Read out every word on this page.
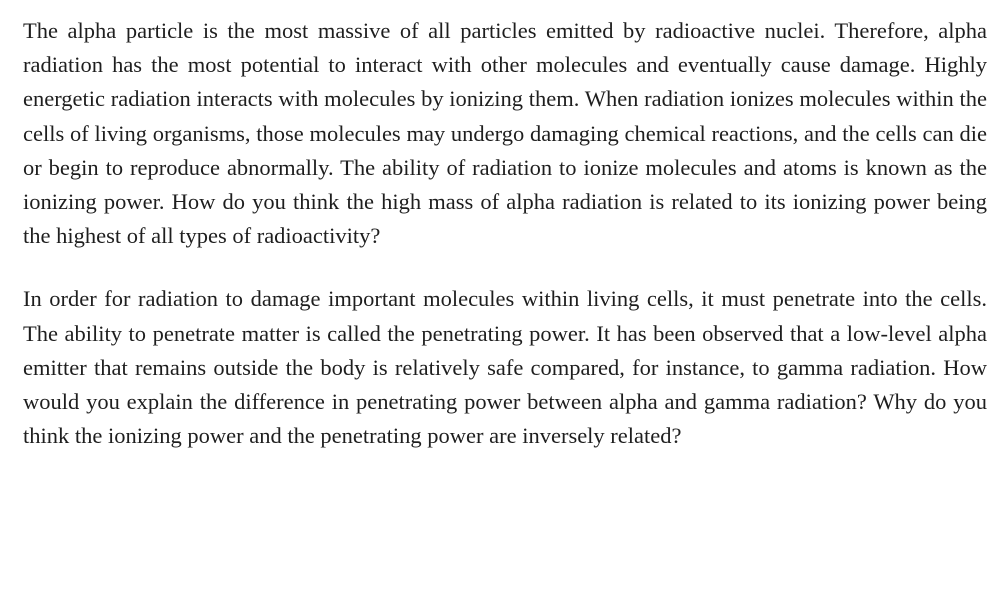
The alpha particle is the most massive of all particles emitted by radioactive nuclei. Therefore, alpha radiation has the most potential to interact with other molecules and eventually cause damage. Highly energetic radiation interacts with molecules by ionizing them. When radiation ionizes molecules within the cells of living organisms, those molecules may undergo damaging chemical reactions, and the cells can die or begin to reproduce abnormally. The ability of radiation to ionize molecules and atoms is known as the ionizing power. How do you think the high mass of alpha radiation is related to its ionizing power being the highest of all types of radioactivity?

In order for radiation to damage important molecules within living cells, it must penetrate into the cells. The ability to penetrate matter is called the penetrating power. It has been observed that a low-level alpha emitter that remains outside the body is relatively safe compared, for instance, to gamma radiation. How would you explain the difference in penetrating power between alpha and gamma radiation? Why do you think the ionizing power and the penetrating power are inversely related?
